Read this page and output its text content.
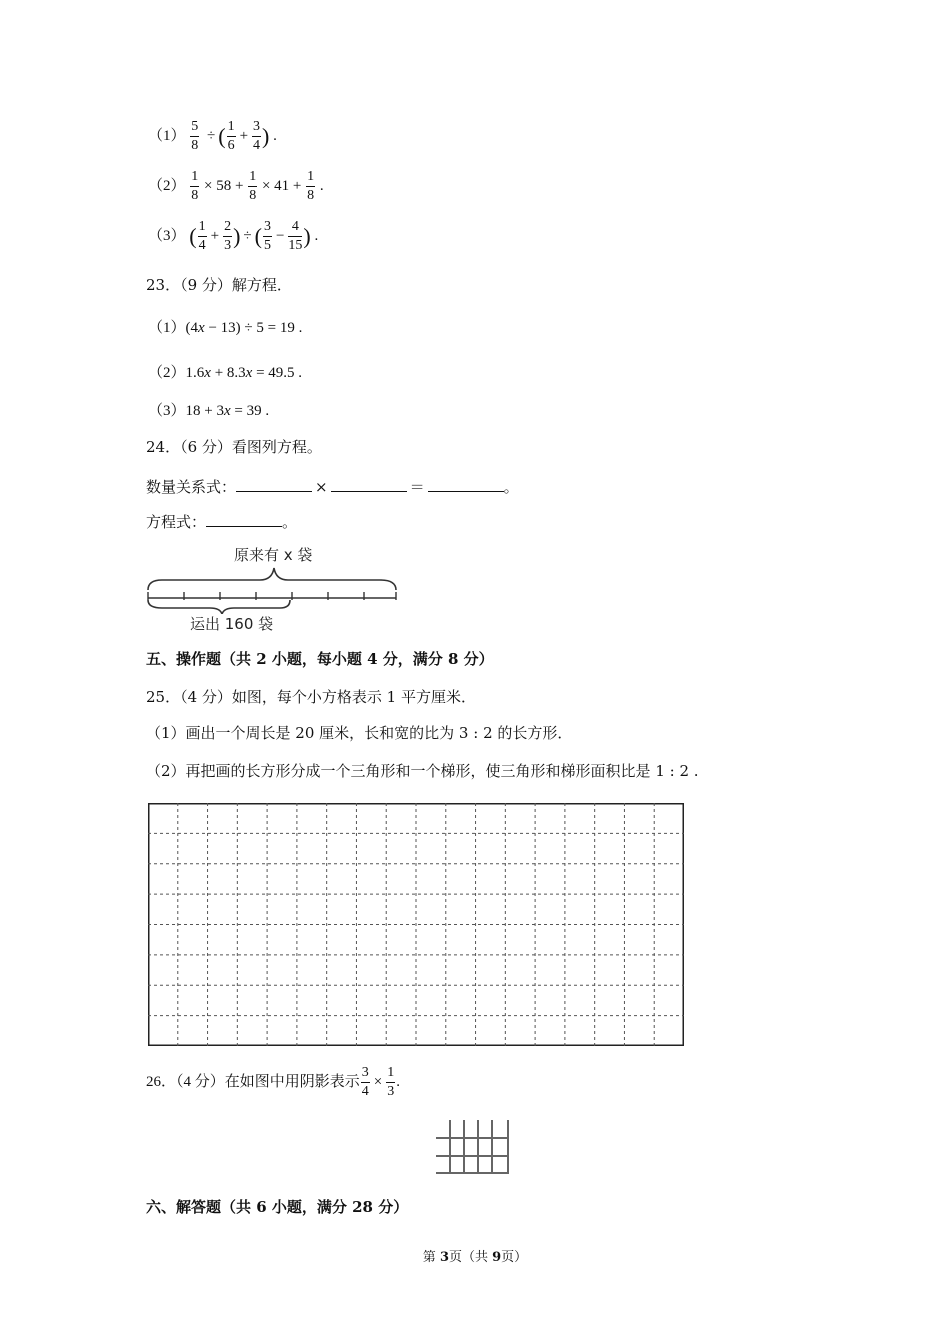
$(1) \frac{5}{8}$ ÷ ( $\frac{1}{6} + \frac{3}{4}$ ) .
$(2) \frac{1}{8} \times 58 + \frac{1}{8} \times 41 + \frac{1}{8}$ .
（3） ( $\frac{1}{4} + \frac{2}{3}$ ) ÷ ( $\frac{3}{5} - \frac{4}{15}$ ) .
23．（9 分）解方程．
（1）(4x − 13) ÷ 5 = 19 .
（2）1.6x + 8.3x = 49.5 .
（3）18 + 3x = 39 .
24．（6 分）看图列方程。
数量关系式：	×	＝	。
方程式：	。
原来有 x 袋
运出 160 袋
五、操作题（共 2 小题，每小题 4 分，满分 8 分）
25．（4 分）如图，每个小方格表示 1 平方厘米．
（1）画出一个周长是 20 厘米，长和宽的比为 3 : 2 的长方形．
（2）再把画的长方形分成一个三角形和一个梯形，使三角形和梯形面积比是 1 : 2 .
26．（4 分）在如图中用阴影表示 $\frac{3}{4} \times \frac{1}{3}$ .
六、解答题（共 6 小题，满分 28 分）
第 3页（共 9页）
